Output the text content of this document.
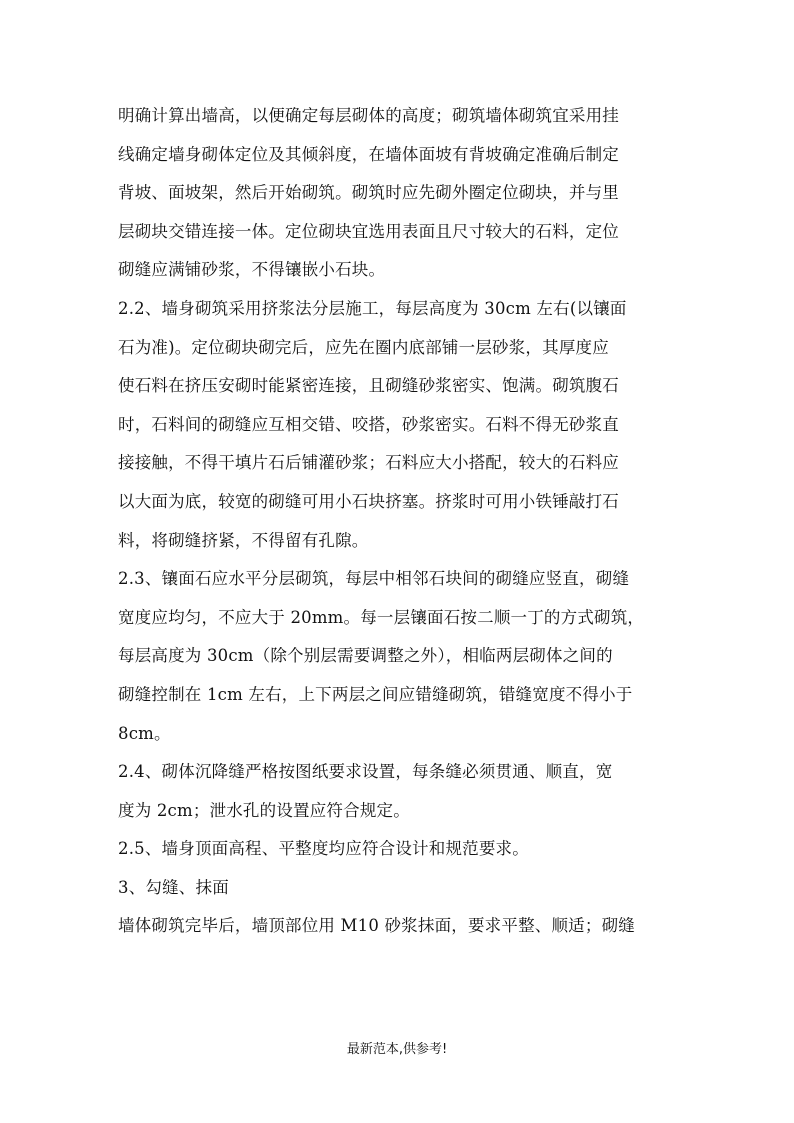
明确计算出墙高，以便确定每层砌体的高度；砌筑墙体砌筑宜采用挂
线确定墙身砌体定位及其倾斜度，在墙体面坡有背坡确定准确后制定
背坡、面坡架，然后开始砌筑。砌筑时应先砌外圈定位砌块，并与里
层砌块交错连接一体。定位砌块宜选用表面且尺寸较大的石料，定位
砌缝应满铺砂浆，不得镶嵌小石块。
2.2、墙身砌筑采用挤浆法分层施工，每层高度为 30cm 左右(以镶面
石为准)。定位砌块砌完后，应先在圈内底部铺一层砂浆，其厚度应
使石料在挤压安砌时能紧密连接，且砌缝砂浆密实、饱满。砌筑腹石
时，石料间的砌缝应互相交错、咬搭，砂浆密实。石料不得无砂浆直
接接触，不得干填片石后铺灌砂浆；石料应大小搭配，较大的石料应
以大面为底，较宽的砌缝可用小石块挤塞。挤浆时可用小铁锤敲打石
料，将砌缝挤紧，不得留有孔隙。
2.3、镶面石应水平分层砌筑，每层中相邻石块间的砌缝应竖直，砌缝
宽度应均匀，不应大于 20mm。每一层镶面石按二顺一丁的方式砌筑，
每层高度为 30cm（除个别层需要调整之外），相临两层砌体之间的
砌缝控制在 1cm 左右，上下两层之间应错缝砌筑，错缝宽度不得小于
8cm。
2.4、砌体沉降缝严格按图纸要求设置，每条缝必须贯通、顺直，宽
度为 2cm；泄水孔的设置应符合规定。
2.5、墙身顶面高程、平整度均应符合设计和规范要求。
3、勾缝、抹面
墙体砌筑完毕后，墙顶部位用 M10 砂浆抹面，要求平整、顺适；砌缝
最新范本,供参考!
